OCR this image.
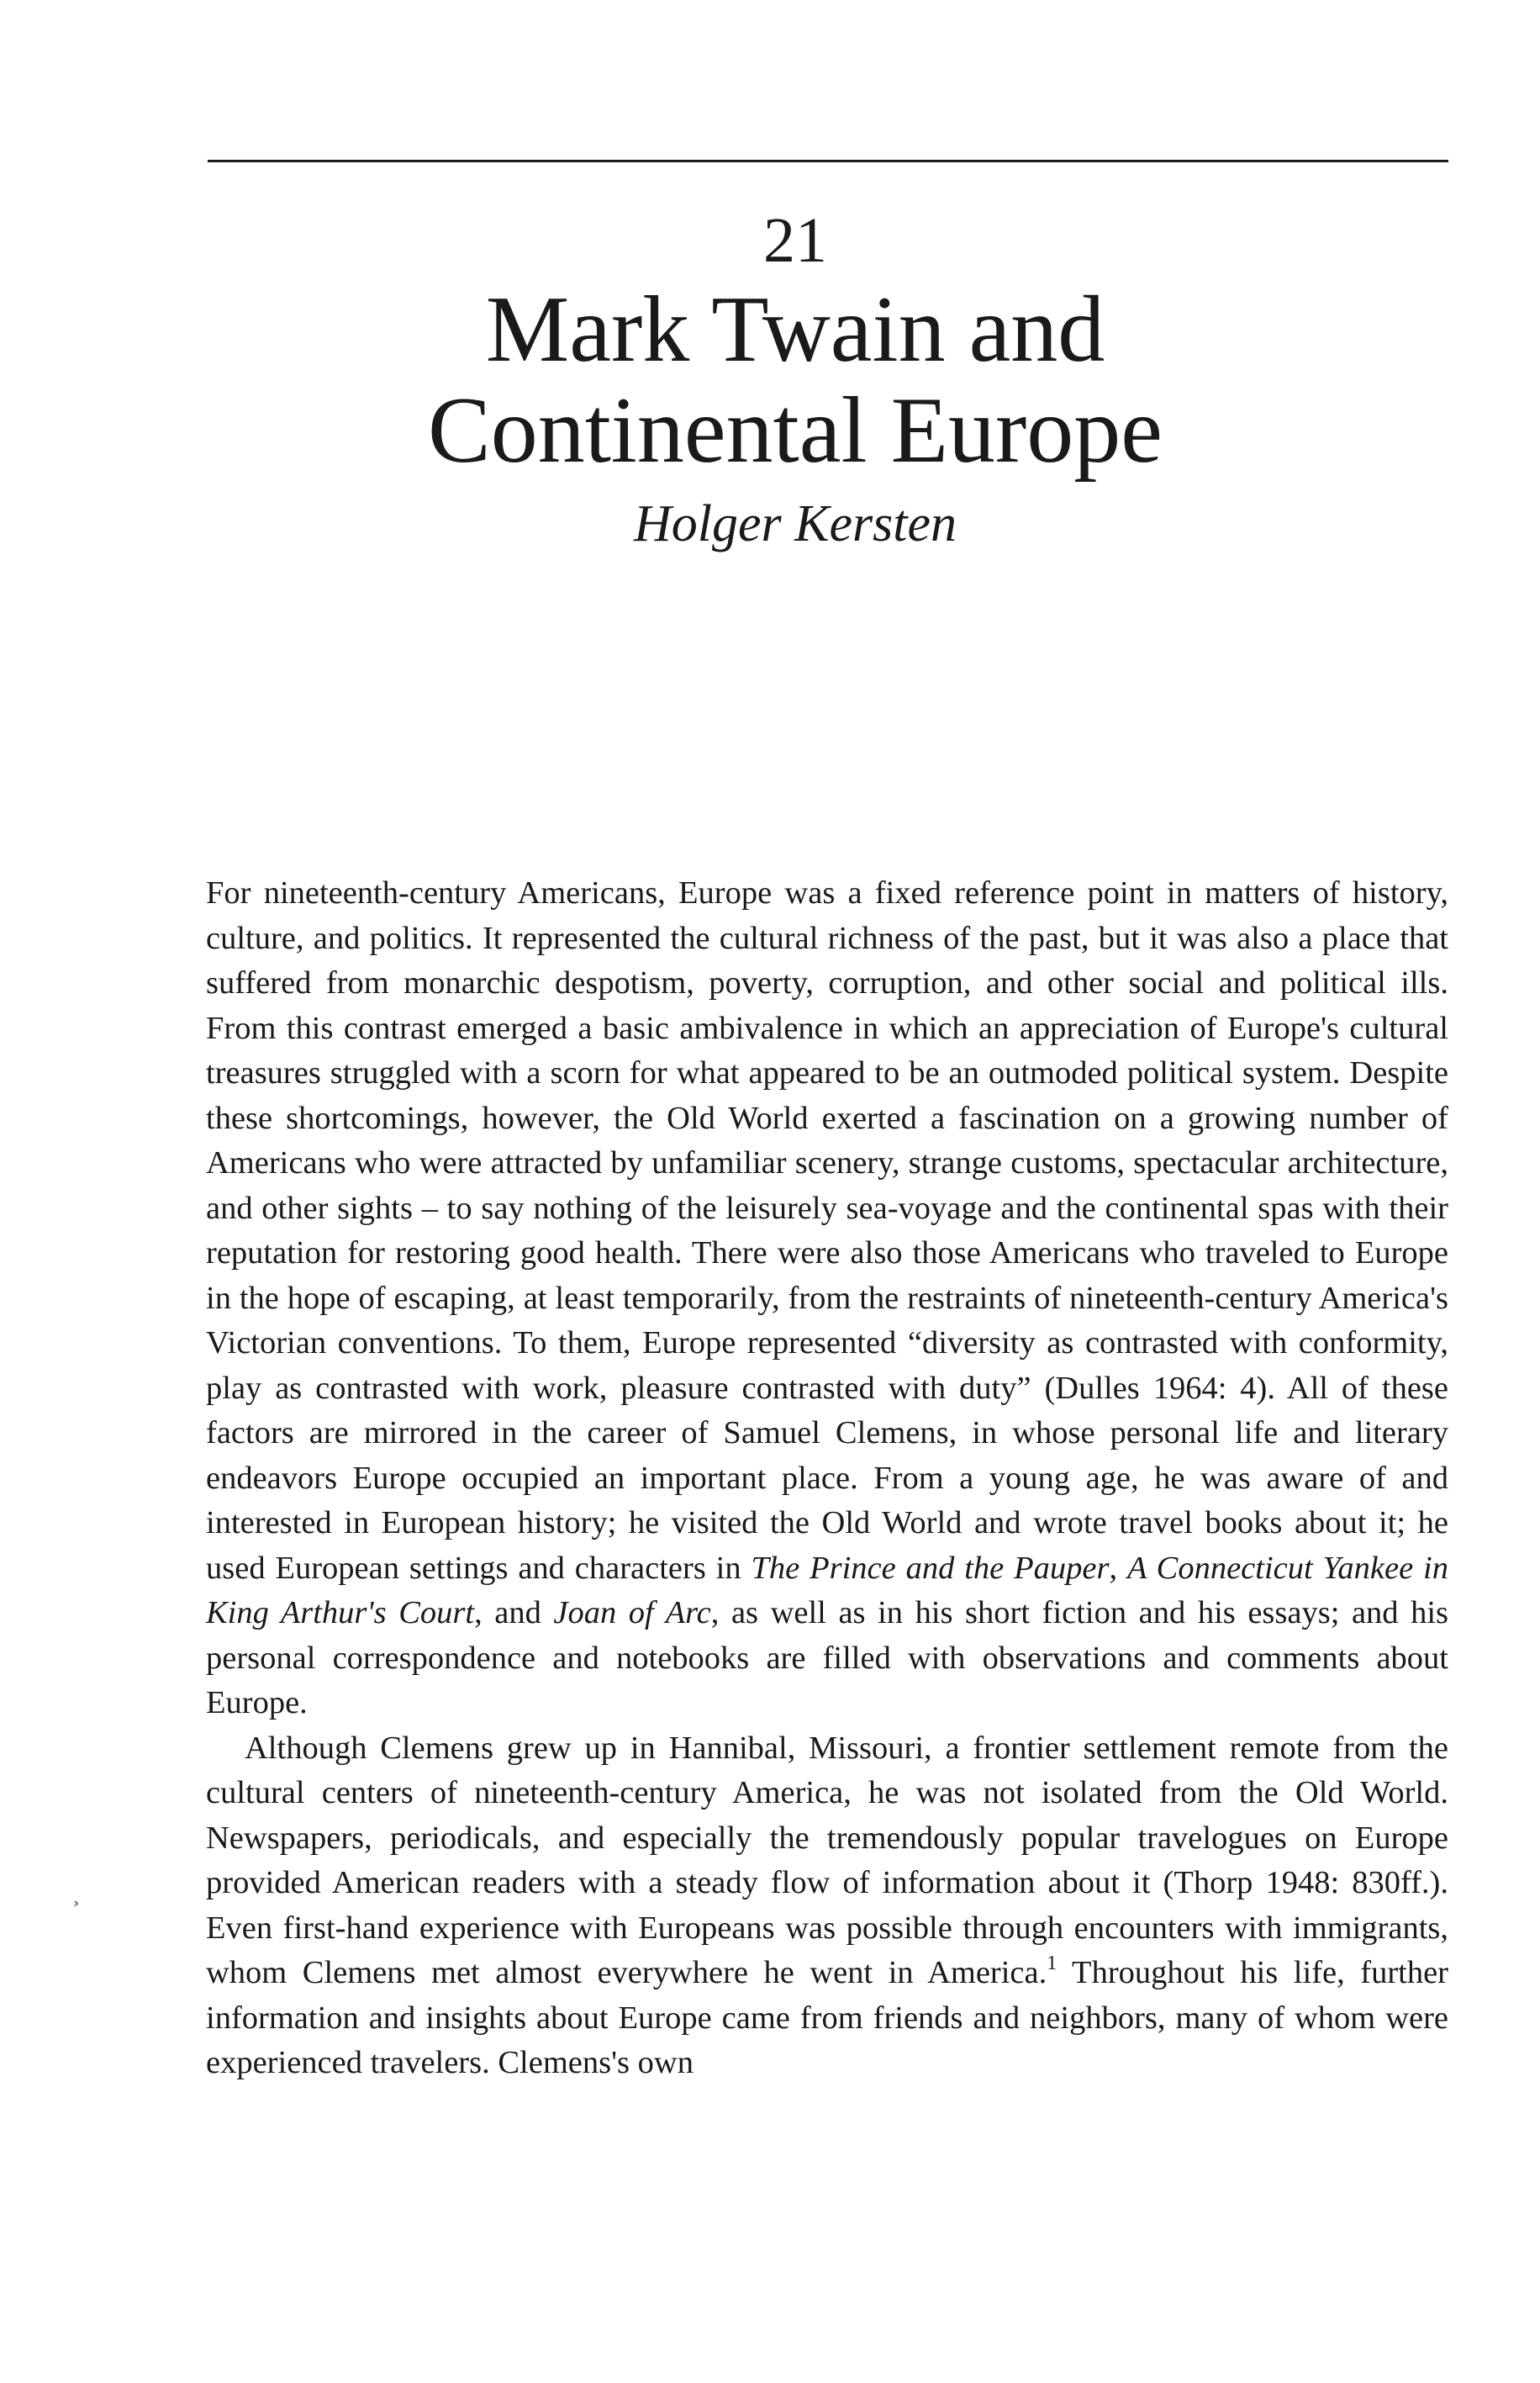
21
Mark Twain and
Continental Europe
Holger Kersten

For nineteenth-century Americans, Europe was a fixed reference point in matters of history, culture, and politics. It represented the cultural richness of the past, but it was also a place that suffered from monarchic despotism, poverty, corruption, and other social and political ills. From this contrast emerged a basic ambivalence in which an appreciation of Europe's cultural treasures struggled with a scorn for what appeared to be an outmoded political system. Despite these shortcomings, however, the Old World exerted a fascination on a growing number of Americans who were attracted by unfamiliar scenery, strange customs, spectacular architecture, and other sights – to say nothing of the leisurely sea-voyage and the continental spas with their reputation for restoring good health. There were also those Americans who traveled to Europe in the hope of escaping, at least temporarily, from the restraints of nineteenth-century America's Victorian conventions. To them, Europe represented “diversity as contrasted with conformity, play as contrasted with work, pleasure contrasted with duty” (Dulles 1964: 4). All of these factors are mirrored in the career of Samuel Clemens, in whose personal life and literary endeavors Europe occupied an important place. From a young age, he was aware of and interested in European history; he visited the Old World and wrote travel books about it; he used European settings and characters in The Prince and the Pauper, A Connecticut Yankee in King Arthur's Court, and Joan of Arc, as well as in his short fiction and his essays; and his personal correspondence and notebooks are filled with observations and comments about Europe.

Although Clemens grew up in Hannibal, Missouri, a frontier settlement remote from the cultural centers of nineteenth-century America, he was not isolated from the Old World. Newspapers, periodicals, and especially the tremendously popular travelogues on Europe provided American readers with a steady flow of information about it (Thorp 1948: 830ff.). Even first-hand experience with Europeans was possible through encounters with immigrants, whom Clemens met almost everywhere he went in America.$^1$ Throughout his life, further information and insights about Europe came from friends and neighbors, many of whom were experienced travelers. Clemens's own

¸
